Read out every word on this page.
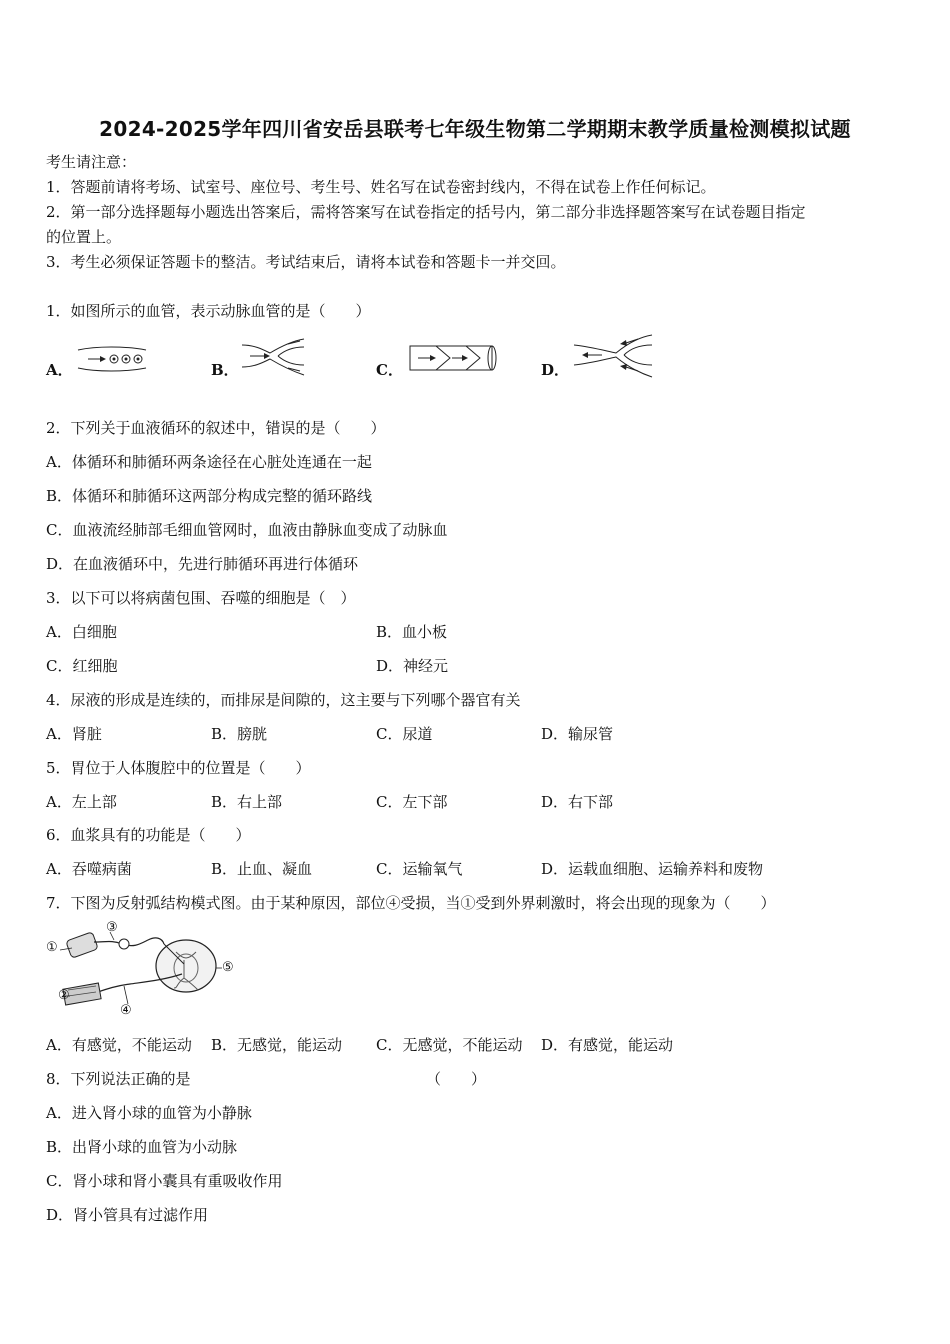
2024-2025学年四川省安岳县联考七年级生物第二学期期末教学质量检测模拟试题
考生请注意：
1．答题前请将考场、试室号、座位号、考生号、姓名写在试卷密封线内，不得在试卷上作任何标记。
2．第一部分选择题每小题选出答案后，需将答案写在试卷指定的括号内，第二部分非选择题答案写在试卷题目指定
的位置上。
3．考生必须保证答题卡的整洁。考试结束后，请将本试卷和答题卡一并交回。
1．如图所示的血管，表示动脉血管的是（　　）
A．	B．	C．	D．
2．下列关于血液循环的叙述中，错误的是（　　）
A．体循环和肺循环两条途径在心脏处连通在一起
B．体循环和肺循环这两部分构成完整的循环路线
C．血液流经肺部毛细血管网时，血液由静脉血变成了动脉血
D．在血液循环中，先进行肺循环再进行体循环
3．以下可以将病菌包围、吞噬的细胞是（　）
A．白细胞	B．血小板
C．红细胞	D．神经元
4．尿液的形成是连续的，而排尿是间隙的，这主要与下列哪个器官有关
A．肾脏	B．膀胱	C．尿道	D．输尿管
5．胃位于人体腹腔中的位置是（　　）
A．左上部	B．右上部	C．左下部	D．右下部
6．血浆具有的功能是（　　）
A．吞噬病菌	B．止血、凝血	C．运输氧气	D．运载血细胞、运输养料和废物
7．下图为反射弧结构模式图。由于某种原因，部位④受损，当①受到外界刺激时，将会出现的现象为（　　）
①
②
③
④
⑤
A．有感觉，不能运动 B．无感觉，能运动 C．无感觉，不能运动 D．有感觉，能运动
8．下列说法正确的是	（　　）
A．进入肾小球的血管为小静脉
B．出肾小球的血管为小动脉
C．肾小球和肾小囊具有重吸收作用
D．肾小管具有过滤作用
